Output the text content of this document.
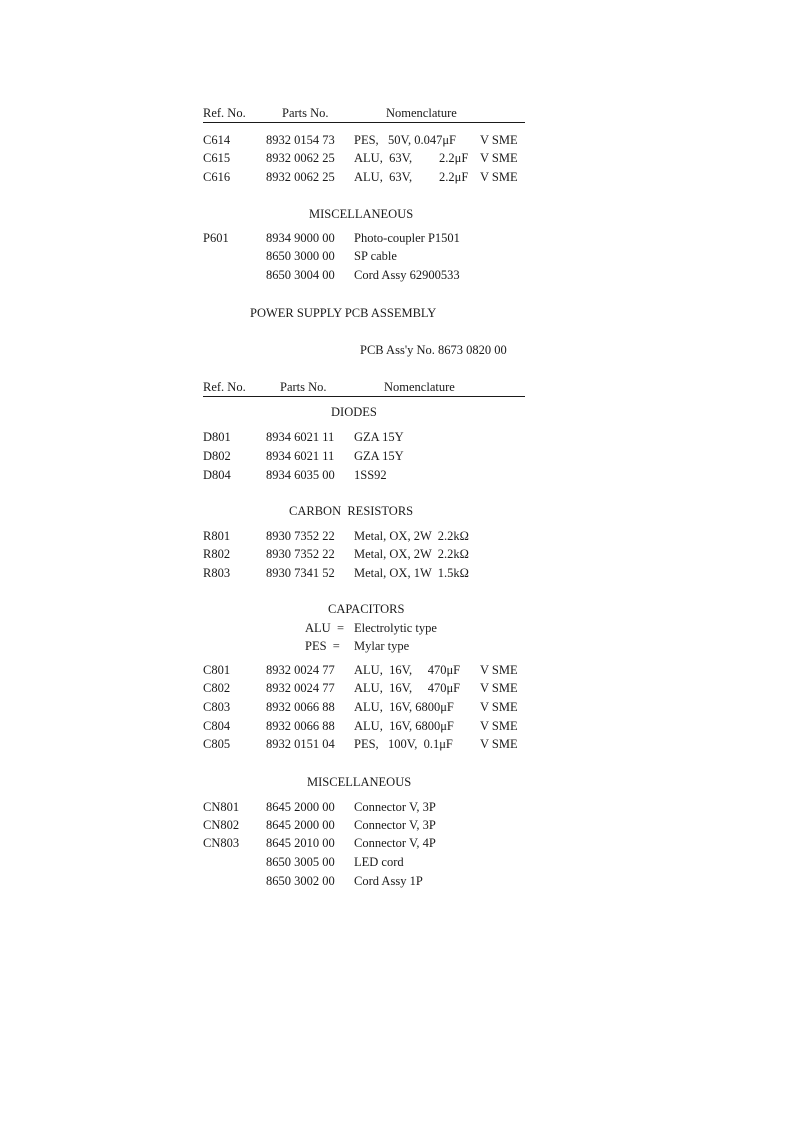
Ref. No.	Parts No.	Nomenclature
C614	8932 0154 73 PES,   50V, 0.047μF V SME
C615	8932 0062 25 ALU,  63V, 2.2μF V SME
C616	8932 0062 25 ALU,  63V, 2.2μF V SME
MISCELLANEOUS
P601	8934 9000 00 Photo-coupler P1501
8650 3000 00 SP cable
8650 3004 00 Cord Assy 62900533
POWER SUPPLY PCB ASSEMBLY
PCB Ass'y No. 8673 0820 00
Ref. No.	Parts No.	Nomenclature
DIODES
D801	8934 6021 11 GZA 15Y
D802	8934 6021 11 GZA 15Y
D804	8934 6035 00 1SS92
CARBON  RESISTORS
R801	8930 7352 22 Metal, OX, 2W  2.2kΩ
R802	8930 7352 22 Metal, OX, 2W  2.2kΩ
R803	8930 7341 52 Metal, OX, 1W  1.5kΩ
CAPACITORS
ALU  = Electrolytic type
PES  = Mylar type
C801	8932 0024 77 ALU,  16V,     470μF V SME
C802	8932 0024 77 ALU,  16V,     470μF V SME
C803	8932 0066 88 ALU,  16V, 6800μF V SME
C804	8932 0066 88 ALU,  16V, 6800μF V SME
C805	8932 0151 04 PES,   100V,  0.1μF V SME
MISCELLANEOUS
CN801 8645 2000 00 Connector V, 3P
CN802 8645 2000 00 Connector V, 3P
CN803 8645 2010 00 Connector V, 4P
8650 3005 00 LED cord
8650 3002 00 Cord Assy 1P
